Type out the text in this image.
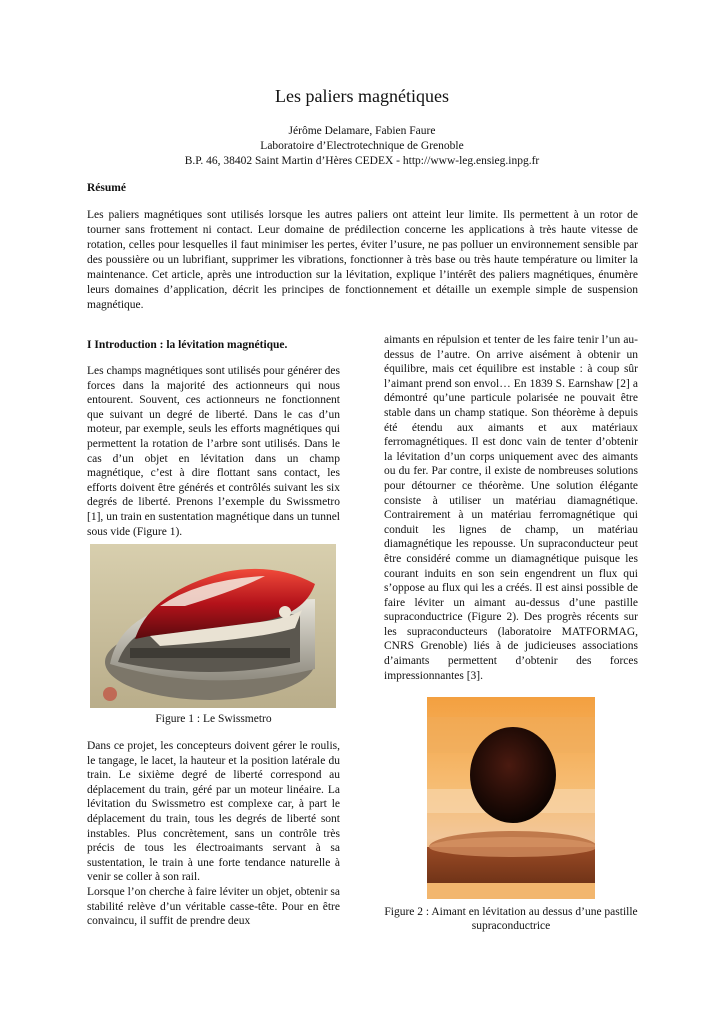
Les paliers magnétiques
Jérôme Delamare, Fabien Faure
Laboratoire d’Electrotechnique de Grenoble
B.P. 46, 38402 Saint Martin d’Hères CEDEX - http://www-leg.ensieg.inpg.fr
Résumé
Les paliers magnétiques sont utilisés lorsque les autres paliers ont atteint leur limite. Ils permettent à un rotor de tourner sans frottement ni contact. Leur domaine de prédilection concerne les applications à très haute vitesse de rotation, celles pour lesquelles il faut minimiser les pertes, éviter l’usure, ne pas polluer un environnement sensible par des poussière ou un lubrifiant, supprimer les vibrations, fonctionner à très base ou très haute température ou limiter la maintenance. Cet article, après une introduction sur la lévitation, explique l’intérêt des paliers magnétiques, énumère leurs domaines d’application, décrit les principes de fonctionnement et détaille un exemple simple de suspension magnétique.
I Introduction : la lévitation magnétique.
Les champs magnétiques sont utilisés pour générer des forces dans la majorité des actionneurs qui nous entourent. Souvent, ces actionneurs ne fonctionnent que suivant un degré de liberté. Dans le cas d’un moteur, par exemple, seuls les efforts magnétiques qui permettent la rotation de l’arbre sont utilisés. Dans le cas d’un objet en lévitation dans un champ magnétique, c’est à dire flottant sans contact, les efforts doivent être générés et contrôlés suivant les six degrés de liberté. Prenons l’exemple du Swissmetro [1], un train en sustentation magnétique dans un tunnel sous vide (Figure 1).
Figure 1 : Le Swissmetro
Dans ce projet, les concepteurs doivent gérer le roulis, le tangage, le lacet, la hauteur et la position latérale du train. Le sixième degré de liberté correspond au déplacement du train, géré par un moteur linéaire. La lévitation du Swissmetro est complexe car, à part le déplacement du train, tous les degrés de liberté sont instables. Plus concrètement, sans un contrôle très précis de tous les électroaimants servant à sa sustentation, le train à une forte tendance naturelle à venir se coller à son rail.
Lorsque l’on cherche à faire léviter un objet, obtenir sa stabilité relève d’un véritable casse-tête. Pour en être convaincu, il suffit de prendre deux
aimants en répulsion et tenter de les faire tenir l’un au-dessus de l’autre. On arrive aisément à obtenir un équilibre, mais cet équilibre est instable : à coup sûr l’aimant prend son envol… En 1839 S. Earnshaw [2] a démontré qu’une particule polarisée ne pouvait être stable dans un champ statique. Son théorème à depuis été étendu aux aimants et aux matériaux ferromagnétiques. Il est donc vain de tenter d’obtenir la lévitation d’un corps uniquement avec des aimants ou du fer. Par contre, il existe de nombreuses solutions pour détourner ce théorème. Une solution élégante consiste à utiliser un matériau diamagnétique. Contrairement à un matériau ferromagnétique qui conduit les lignes de champ, un matériau diamagnétique les repousse. Un supraconducteur peut être considéré comme un diamagnétique puisque les courant induits en son sein engendrent un flux qui s’oppose au flux qui les a créés. Il est ainsi possible de faire léviter un aimant au-dessus d’une pastille supraconductrice (Figure 2). Des progrès récents sur les supraconducteurs (laboratoire MATFORMAG, CNRS Grenoble) liés à de judicieuses associations d’aimants permettent d’obtenir des forces impressionnantes [3].
Figure 2 : Aimant en lévitation au dessus d’une pastille supraconductrice
